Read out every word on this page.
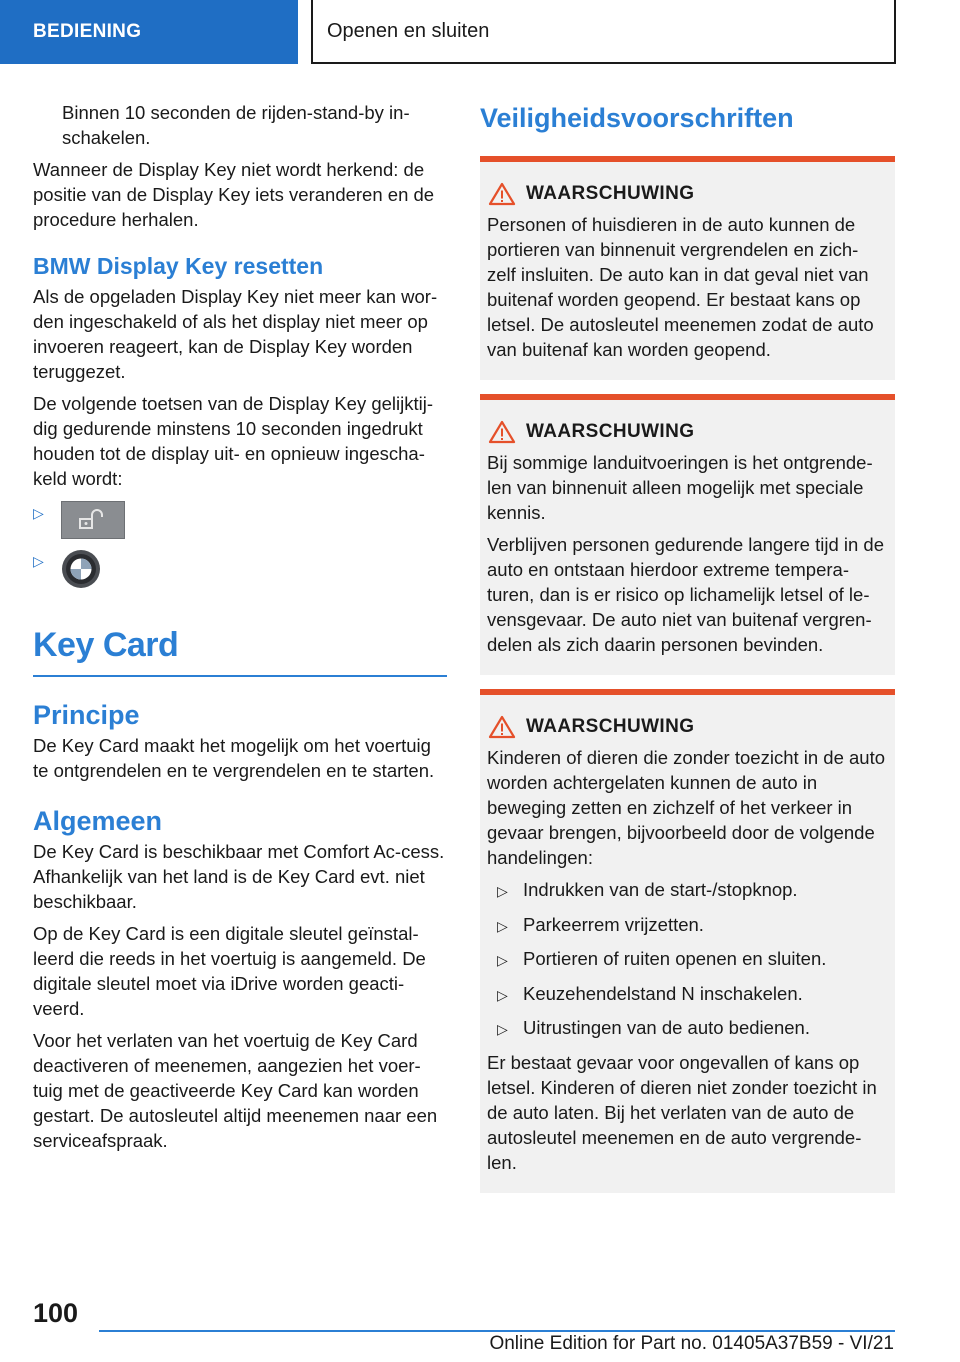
BEDIENING	Openen en sluiten

Binnen 10 seconden de rijden-stand-by in-schakelen.

Wanneer de Display Key niet wordt herkend: de positie van de Display Key iets veranderen en de procedure herhalen.

BMW Display Key resetten

Als de opgeladen Display Key niet meer kan wor-den ingeschakeld of als het display niet meer op invoeren reageert, kan de Display Key worden teruggezet.

De volgende toetsen van de Display Key gelijktij-dig gedurende minstens 10 seconden ingedrukt houden tot de display uit- en opnieuw ingescha-keld wordt:

▷
▷
Key Card
Principe

De Key Card maakt het mogelijk om het voertuig te ontgrendelen en te vergrendelen en te starten.

Algemeen

De Key Card is beschikbaar met Comfort Ac-cess. Afhankelijk van het land is de Key Card evt. niet beschikbaar.

Op de Key Card is een digitale sleutel geïnstal-leerd die reeds in het voertuig is aangemeld. De digitale sleutel moet via iDrive worden geacti-veerd.

Voor het verlaten van het voertuig de Key Card deactiveren of meenemen, aangezien het voer-tuig met de geactiveerde Key Card kan worden gestart. De autosleutel altijd meenemen naar een serviceafspraak.

Veiligheidsvoorschriften
WAARSCHUWING

Personen of huisdieren in de auto kunnen de portieren van binnenuit vergrendelen en zich-zelf insluiten. De auto kan in dat geval niet van buitenaf worden geopend. Er bestaat kans op letsel. De autosleutel meenemen zodat de auto van buitenaf kan worden geopend.

WAARSCHUWING

Bij sommige landuitvoeringen is het ontgrende-len van binnenuit alleen mogelijk met speciale kennis.

Verblijven personen gedurende langere tijd in de auto en ontstaan hierdoor extreme tempera-turen, dan is er risico op lichamelijk letsel of le-vensgevaar. De auto niet van buitenaf vergren-delen als zich daarin personen bevinden.

WAARSCHUWING

Kinderen of dieren die zonder toezicht in de auto worden achtergelaten kunnen de auto in beweging zetten en zichzelf of het verkeer in gevaar brengen, bijvoorbeeld door de volgende handelingen:

▷ Indrukken van de start-/stopknop.
▷ Parkeerrem vrijzetten.
▷ Portieren of ruiten openen en sluiten.
▷ Keuzehendelstand N inschakelen.
▷ Uitrustingen van de auto bedienen.

Er bestaat gevaar voor ongevallen of kans op letsel. Kinderen of dieren niet zonder toezicht in de auto laten. Bij het verlaten van de auto de autosleutel meenemen en de auto vergrende-len.

100
Online Edition for Part no. 01405A37B59 - VI/21
